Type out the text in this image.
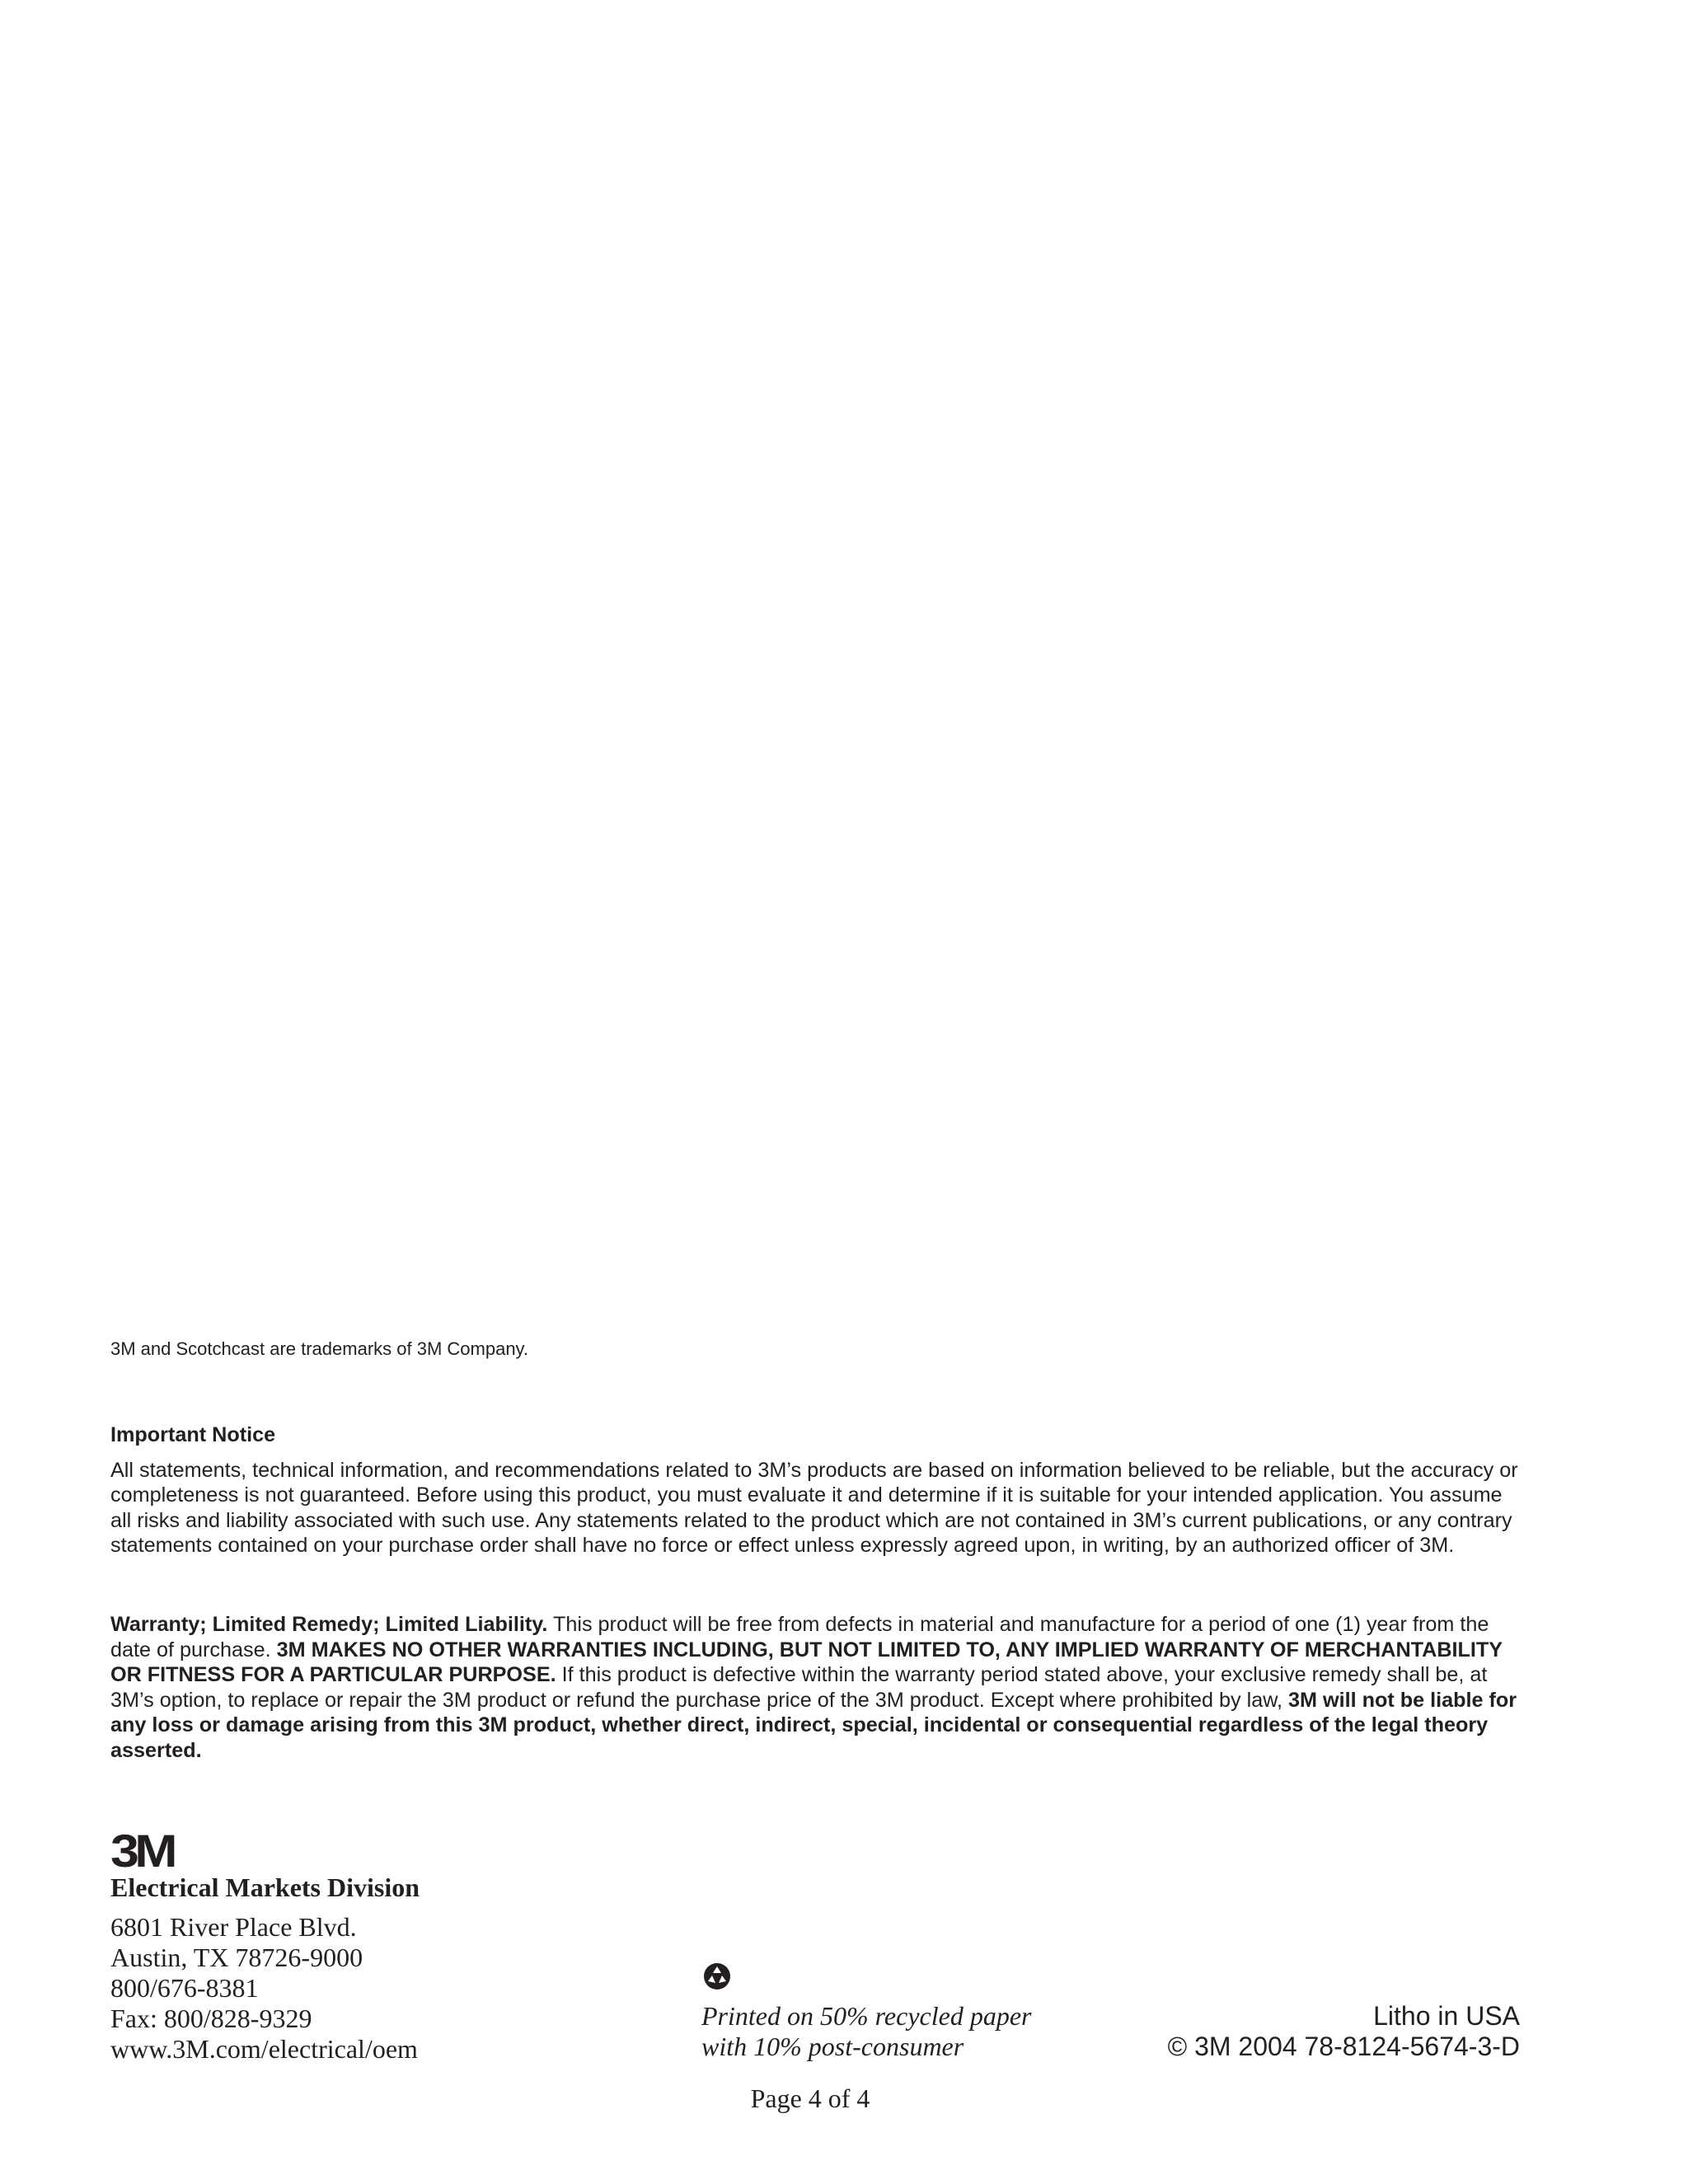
3M and Scotchcast are trademarks of 3M Company.
Important Notice

All statements, technical information, and recommendations related to 3M’s products are based on information believed to be reliable, but the accuracy or completeness is not guaranteed. Before using this product, you must evaluate it and determine if it is suitable for your intended application. You assume all risks and liability associated with such use. Any statements related to the product which are not contained in 3M’s current publications, or any contrary statements contained on your purchase order shall have no force or effect unless expressly agreed upon, in writing, by an authorized officer of 3M.

Warranty; Limited Remedy; Limited Liability. This product will be free from defects in material and manufacture for a period of one (1) year from the date of purchase. 3M MAKES NO OTHER WARRANTIES INCLUDING, BUT NOT LIMITED TO, ANY IMPLIED WARRANTY OF MERCHANTABILITY OR FITNESS FOR A PARTICULAR PURPOSE. If this product is defective within the warranty period stated above, your exclusive remedy shall be, at 3M’s option, to replace or repair the 3M product or refund the purchase price of the 3M product. Except where prohibited by law, 3M will not be liable for any loss or damage arising from this 3M product, whether direct, indirect, special, incidental or consequential regardless of the legal theory asserted.

3M
Electrical Markets Division
6801 River Place Blvd.
Austin, TX 78726-9000
800/676-8381
Fax: 800/828-9329
www.3M.com/electrical/oem
Printed on 50% recycled paper
with 10% post-consumer
Litho in USA
© 3M 2004 78-8124-5674-3-D
Page 4 of 4
